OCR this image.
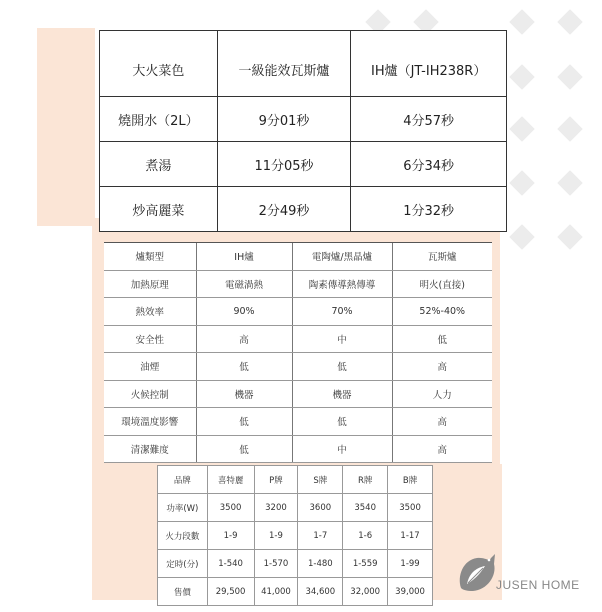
大火菜色	一級能效瓦斯爐	IH爐（JT-IH238R）
燒開水（2L）	9分01秒	4分57秒
煮湯	11分05秒	6分34秒
炒高麗菜	2分49秒	1分32秒
爐類型	IH爐	電陶爐/黑晶爐	瓦斯爐
加熱原理	電磁渦熱	陶素傳導熱傳導	明火(直接)
熱效率	90%	70%	52%-40%
安全性	高	中	低
油煙	低	低	高
火候控制	機器	機器	人力
環境溫度影響	低	低	高
清潔難度	低	中	高
品牌	喜特麗	P牌	S牌	R牌	B牌
功率(W)	3500	3200	3600	3540	3500
火力段數	1-9	1-9	1-7	1-6	1-17
定時(分)	1-540	1-570	1-480	1-559	1-99
售價	29,500	41,000	34,600	32,000	39,000	JUSEN HOME
